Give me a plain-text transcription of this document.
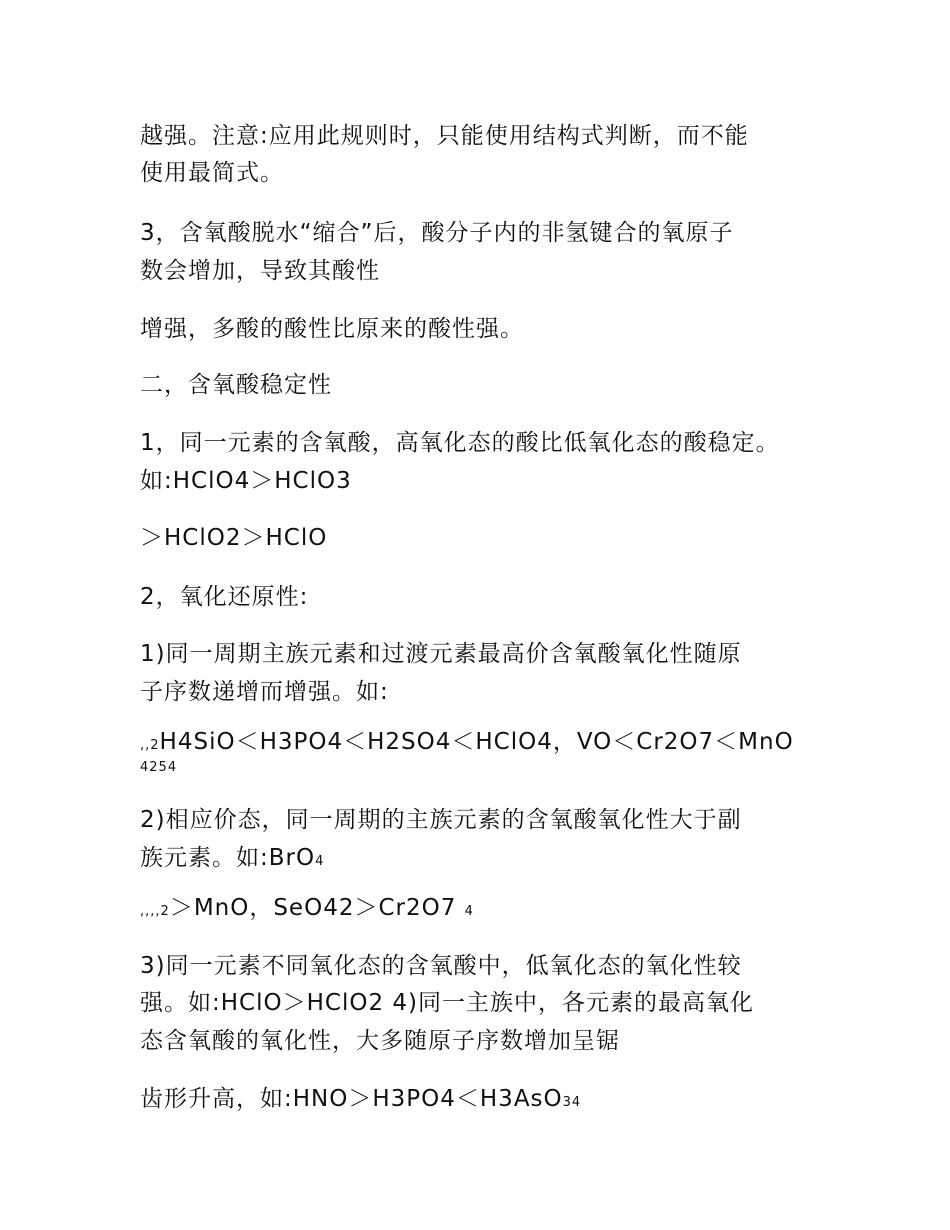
越强。注意:应用此规则时，只能使用结构式判断，而不能
使用最简式。
3，含氧酸脱水“缩合”后，酸分子内的非氢键合的氧原子
数会增加，导致其酸性
增强，多酸的酸性比原来的酸性强。
二，含氧酸稳定性
1，同一元素的含氧酸，高氧化态的酸比低氧化态的酸稳定。
如:HClO4＞HClO3
＞HClO2＞HClO
2，氧化还原性:
1)同一周期主族元素和过渡元素最高价含氧酸氧化性随原
子序数递增而增强。如:
,,2H4SiO＜H3PO4＜H2SO4＜HClO4，VO＜Cr2O7＜MnO
4254
2)相应价态，同一周期的主族元素的含氧酸氧化性大于副
族元素。如:BrO4
,,,,2＞MnO，SeO42＞Cr2O7 4
3)同一元素不同氧化态的含氧酸中，低氧化态的氧化性较
强。如:HClO＞HClO2 4)同一主族中，各元素的最高氧化
态含氧酸的氧化性，大多随原子序数增加呈锯
齿形升高，如:HNO＞H3PO4＜H3AsO34
